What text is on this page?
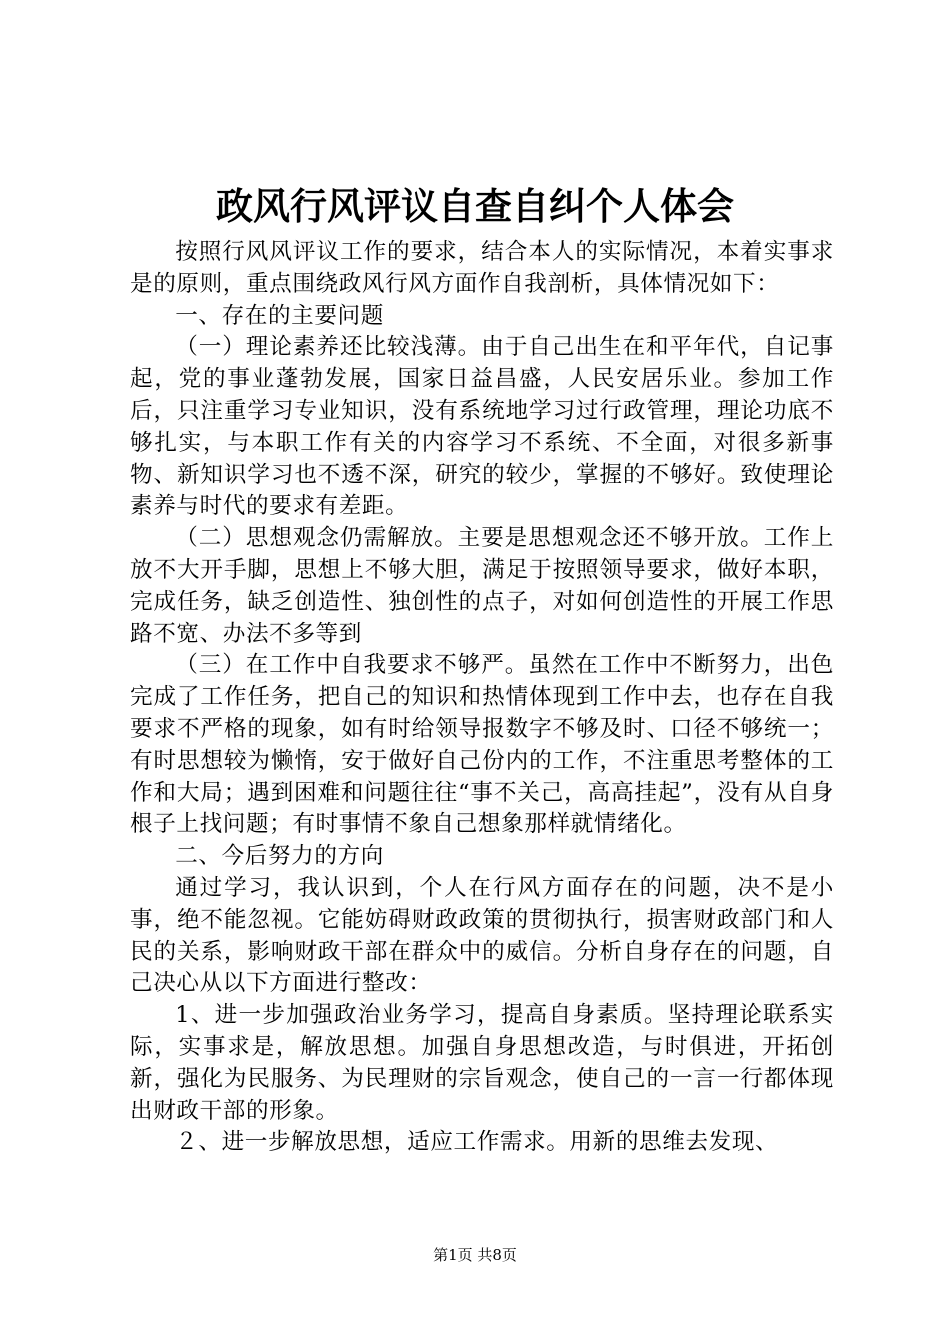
政风行风评议自查自纠个人体会

按照行风风评议工作的要求，结合本人的实际情况，本着实事求是的原则，重点围绕政风行风方面作自我剖析，具体情况如下：

一、存在的主要问题

（一）理论素养还比较浅薄。由于自己出生在和平年代，自记事起，党的事业蓬勃发展，国家日益昌盛，人民安居乐业。参加工作后，只注重学习专业知识，没有系统地学习过行政管理，理论功底不够扎实，与本职工作有关的内容学习不系统、不全面，对很多新事物、新知识学习也不透不深，研究的较少，掌握的不够好。致使理论素养与时代的要求有差距。

（二）思想观念仍需解放。主要是思想观念还不够开放。工作上放不大开手脚，思想上不够大胆，满足于按照领导要求，做好本职，完成任务，缺乏创造性、独创性的点子，对如何创造性的开展工作思路不宽、办法不多等到

（三）在工作中自我要求不够严。虽然在工作中不断努力，出色完成了工作任务，把自己的知识和热情体现到工作中去，也存在自我要求不严格的现象，如有时给领导报数字不够及时、口径不够统一；有时思想较为懒惰，安于做好自己份内的工作，不注重思考整体的工作和大局；遇到困难和问题往往“事不关己，高高挂起”，没有从自身根子上找问题；有时事情不象自己想象那样就情绪化。

二、今后努力的方向

通过学习，我认识到，个人在行风方面存在的问题，决不是小事，绝不能忽视。它能妨碍财政政策的贯彻执行，损害财政部门和人民的关系，影响财政干部在群众中的威信。分析自身存在的问题，自己决心从以下方面进行整改：

1、进一步加强政治业务学习，提高自身素质。坚持理论联系实际，实事求是，解放思想。加强自身思想改造，与时俱进，开拓创新，强化为民服务、为民理财的宗旨观念，使自己的一言一行都体现出财政干部的形象。

２、进一步解放思想，适应工作需求。用新的思维去发现、

第1页 共8页
